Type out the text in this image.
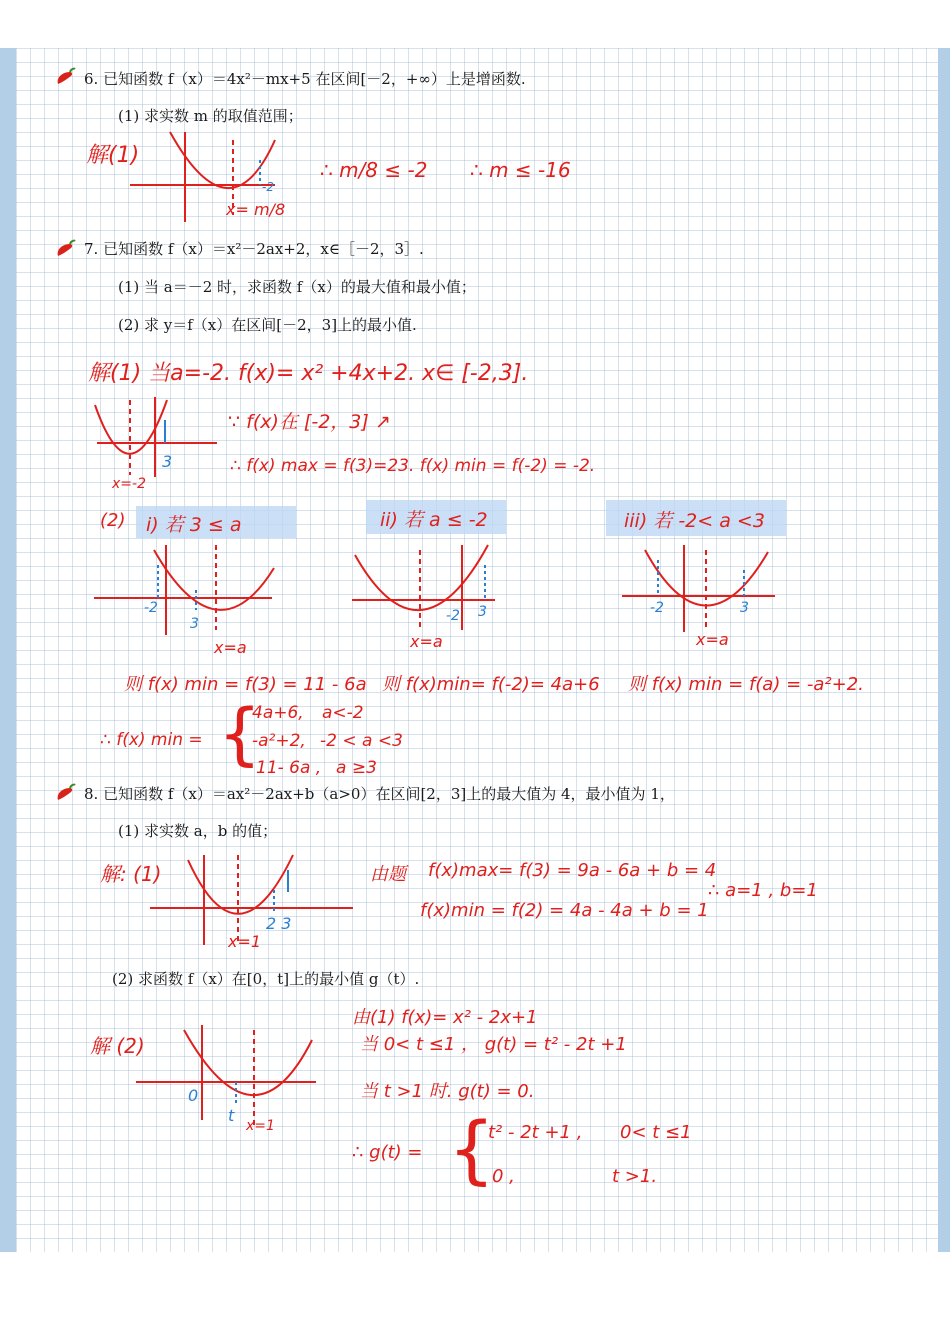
6. 已知函数 f（x）＝4x²－mx+5 在区间[－2，+∞）上是增函数.
(1) 求实数 m 的取值范围；
解(1)
-2
x= m/8
∴ m/8 ≤ -2 ∴ m ≤ -16
7. 已知函数 f（x）＝x²－2ax+2，x∈［－2，3］.
(1) 当 a＝－2 时，求函数 f（x）的最大值和最小值；
(2) 求 y＝f（x）在区间[－2，3]上的最小值.
解(1) 当a=-2. f(x)= x² +4x+2. x∈ [-2,3].
3
x=-2
∵ f(x)在 [-2，3] ↗
∴ f(x) max = f(3)=23. f(x) min = f(-2) = -2.
(2) i) 若 3 ≤ a	ii) 若 a ≤ -2	iii) 若 -2< a <3
-2
3
x=a
-2 3
x=a
-2	3
x=a
则 f(x) min = f(3) = 11 - 6a 则 f(x)min= f(-2)= 4a+6 则 f(x) min = f(a) = -a²+2.
∴ f(x) min = {
4a+6, a<-2
-a²+2, -2 < a <3
11- 6a , a ≥3
8. 已知函数 f（x）＝ax²－2ax+b（a>0）在区间[2，3]上的最大值为 4，最小值为 1，
(1) 求实数 a，b 的值；
解: (1)
2 3
x=1
由题 f(x)max= f(3) = 9a - 6a + b = 4
f(x)min = f(2) = 4a - 4a + b = 1
∴ a=1 , b=1
(2) 求函数 f（x）在[0，t]上的最小值 g（t）.
解 (2)
0
t
x=1
由(1) f(x)= x² - 2x+1
当 0< t ≤1 ， g(t) = t² - 2t +1
当 t >1 时. g(t) = 0.
∴ g(t) = {
t² - 2t +1 , 0< t ≤1
0 ,	t >1.
